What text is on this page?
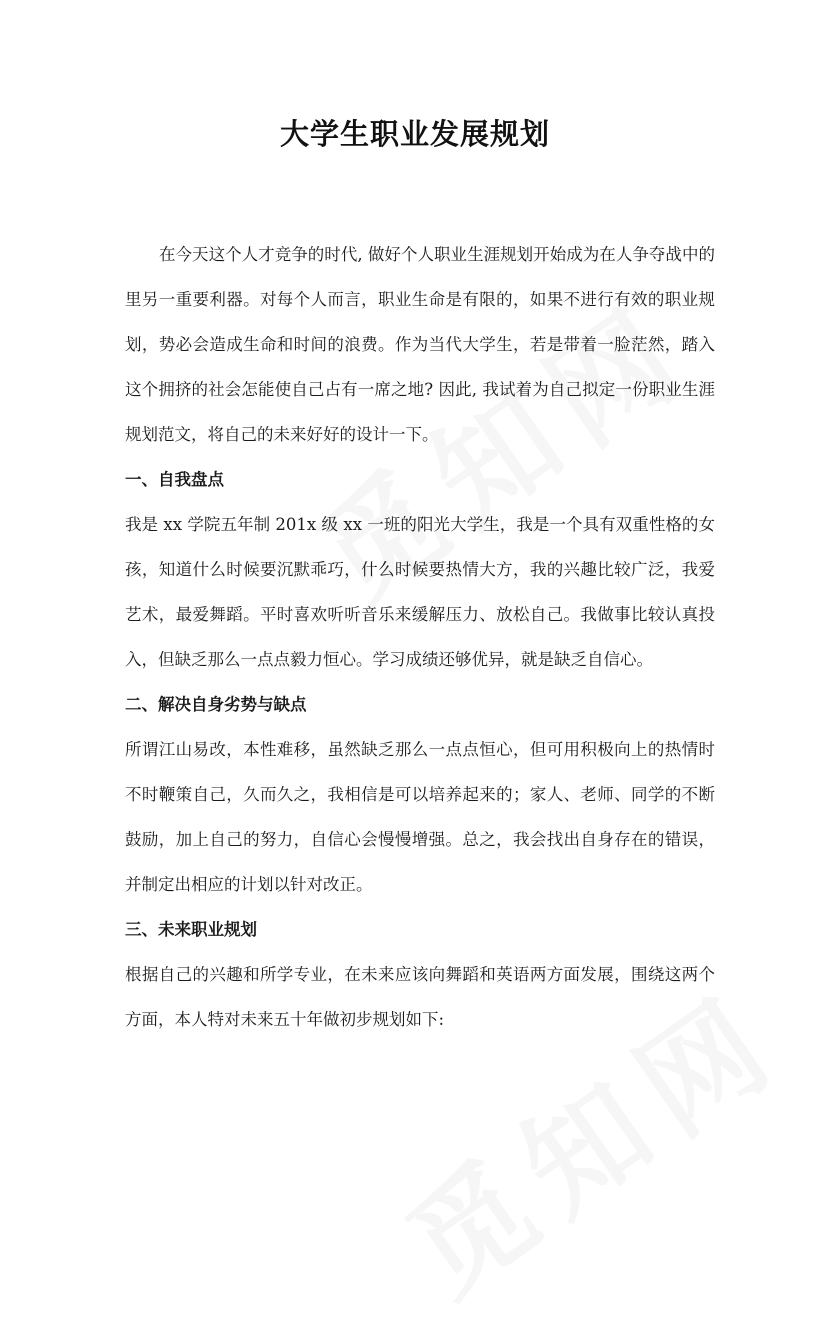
大学生职业发展规划

在今天这个人才竞争的时代, 做好个人职业生涯规划开始成为在人争夺战中的里另一重要利器。对每个人而言，职业生命是有限的，如果不进行有效的职业规划，势必会造成生命和时间的浪费。作为当代大学生，若是带着一脸茫然，踏入这个拥挤的社会怎能使自己占有一席之地? 因此, 我试着为自己拟定一份职业生涯规划范文，将自己的未来好好的设计一下。

一、自我盘点

我是 xx 学院五年制 201x 级 xx 一班的阳光大学生，我是一个具有双重性格的女孩，知道什么时候要沉默乖巧，什么时候要热情大方，我的兴趣比较广泛，我爱艺术，最爱舞蹈。平时喜欢听听音乐来缓解压力、放松自己。我做事比较认真投入，但缺乏那么一点点毅力恒心。学习成绩还够优异，就是缺乏自信心。

二、解决自身劣势与缺点

所谓江山易改，本性难移，虽然缺乏那么一点点恒心，但可用积极向上的热情时不时鞭策自己，久而久之，我相信是可以培养起来的；家人、老师、同学的不断鼓励，加上自己的努力，自信心会慢慢增强。总之，我会找出自身存在的错误，并制定出相应的计划以针对改正。

三、未来职业规划

根据自己的兴趣和所学专业，在未来应该向舞蹈和英语两方面发展，围绕这两个方面，本人特对未来五十年做初步规划如下:
